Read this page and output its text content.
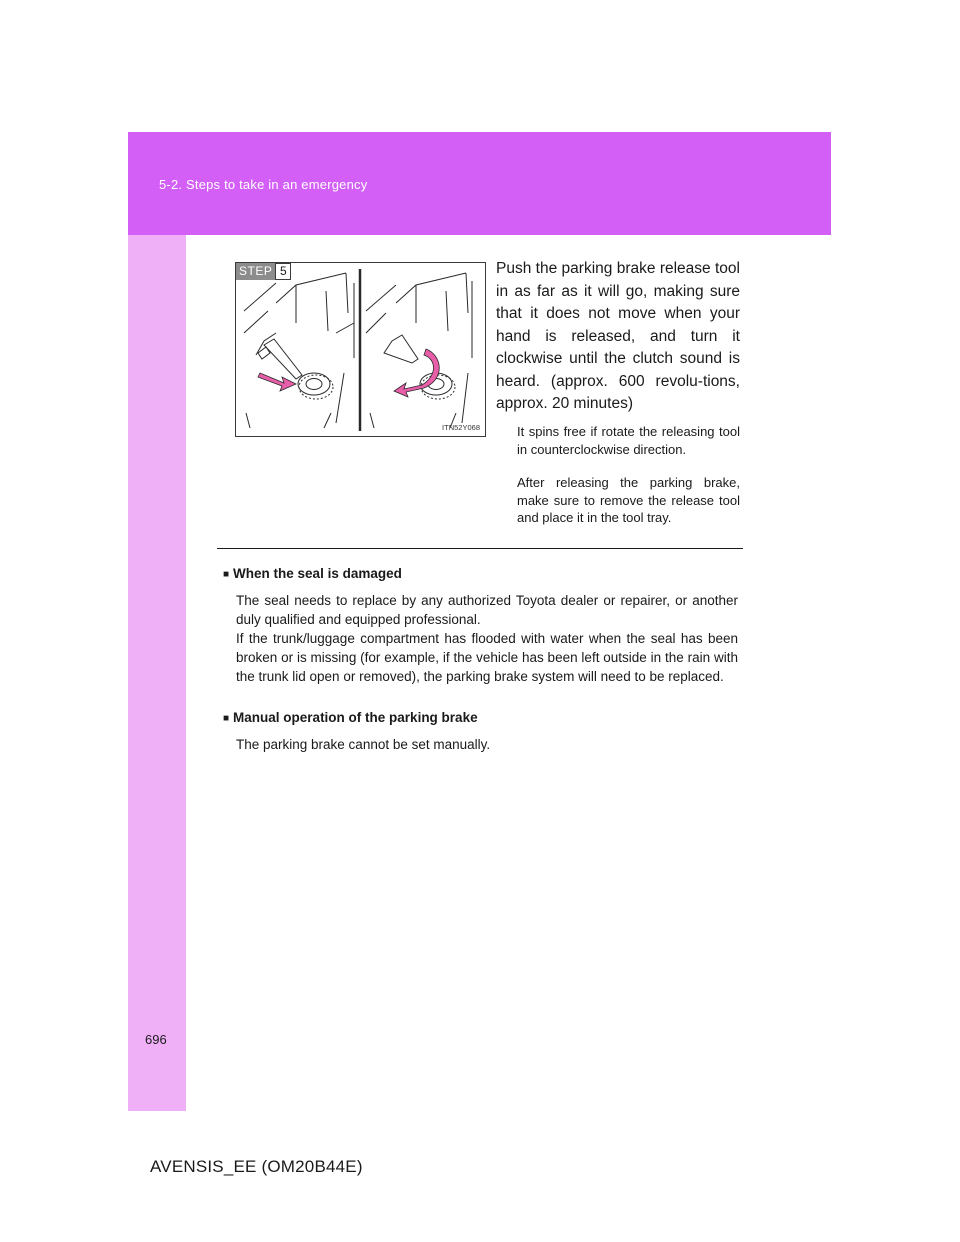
5-2. Steps to take in an emergency
STEP 5
ITN52Y068
Push the parking brake release tool in as far as it will go, making sure that it does not move when your hand is released, and turn it clockwise until the clutch sound is heard. (approx. 600 revolu-tions, approx. 20 minutes)
It spins free if rotate the releasing tool in counterclockwise direction.
After releasing the parking brake, make sure to remove the release tool and place it in the tool tray.
■ When the seal is damaged

The seal needs to replace by any authorized Toyota dealer or repairer, or another duly qualified and equipped professional.

If the trunk/luggage compartment has flooded with water when the seal has been broken or is missing (for example, if the vehicle has been left outside in the rain with the trunk lid open or removed), the parking brake system will need to be replaced.

■ Manual operation of the parking brake

The parking brake cannot be set manually.

696
AVENSIS_EE (OM20B44E)
